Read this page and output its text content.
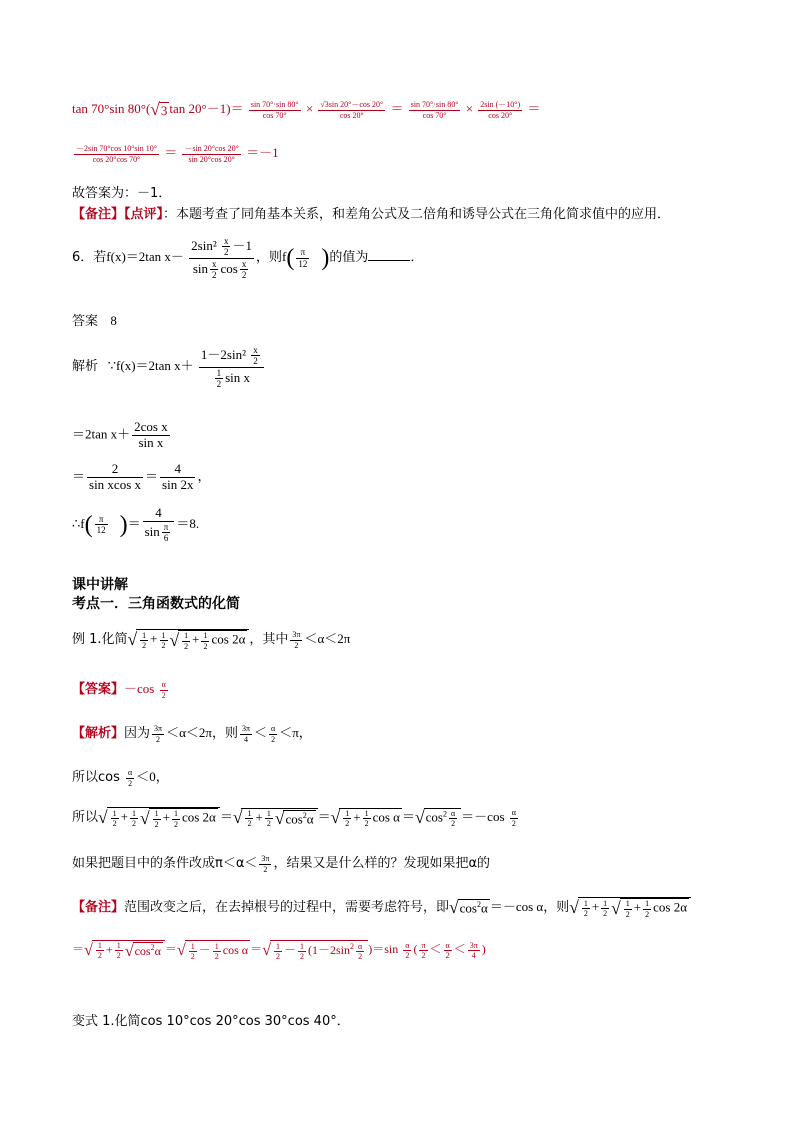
tan 70°sin 80°(√3 $\tan 20^\circ-1)= \frac{\sin 70^\circ\cdot\sin 80^\circ}{\cos 70^\circ} \times \frac{√3\sin 20^\circ-\cos 20^\circ}{\cos 20^\circ} = \frac{\sin 70^\circ\cdot\sin 80^\circ}{\cos 70^\circ} \times \frac{2\sin (-10^\circ)}{\cos 20^\circ}$ ＝
$\frac{-2\sin 70^\circ\cos 10^\circ\sin 10^\circ}{\cos 20^\circ\cos 70^\circ} = \frac{-\sin 20^\circ\cos 20^\circ}{\sin 20^\circ\cos 20^\circ} =-1$
故答案为：－1．
【备注】【点评】：本题考查了同角基本关系，和差角公式及二倍角和诱导公式在三角化简求值中的应用．
6．若f(x)＝2tan $x- \frac{2\sin^2 \frac{x}{2} -1}{\sin \frac{x}{2} \cos \frac{x}{2}}$ ，则$f( \frac{\pi}{12}$ )的值为	．
答案 8
解析 ∵f(x)＝2tan $x+ \frac{1-2\sin^2 \frac{x}{2}}{\frac{1}{2} \sin x}$
＝2tan $x+ \frac{\text{2cos x}}{\text{sin x}}$
＝ $\frac{2}{\text{sin xcos x}} = \frac{4}{\sin 2x}$ ，
∴f( $\frac{\pi}{12}$ )＝ $\frac{4}{\sin \frac{\pi}{6}} =8$.
课中讲解
考点一．三角函数式的化简
例 1.化简√ $\frac{1}{2} + \frac{1}{2}$ √ $\frac{1}{2} + \frac{1}{2}$ cos 2α ，其中 $\frac{3\pi}{2} <\alpha<2\pi$
【答案】$-\cos \frac{\alpha}{2}$
【解析】因为 $\frac{3\pi}{2} <\alpha<2\pi$，则 $\frac{3\pi}{4} < \frac{\alpha}{2} <\pi$，
所以$\cos \frac{\alpha}{2} <0$，
所以√ $\frac{1}{2} + \frac{1}{2}$ √ $\frac{1}{2} + \frac{1}{2}$ cos 2α ＝√ $\frac{1}{2} + \frac{1}{2} √\cos^2\alpha$ ＝√ $\frac{1}{2} + \frac{1}{2}$ $\cos \alpha =√\cos^2 \frac{\alpha}{2} =-\cos \frac{\alpha}{2}$
如果把题目中的条件改成$\pi<\alpha< \frac{3\pi}{2}$ ，结果又是什么样的？发现如果把α的
【备注】范围改变之后，在去掉根号的过程中，需要考虑符号，即$√\cos^2\alpha =-\cos$ α，则√ $\frac{1}{2} + \frac{1}{2}$ √ $\frac{1}{2} + \frac{1}{2}$ cos 2α
＝√ $\frac{1}{2} + \frac{1}{2} √\cos^2\alpha$ ＝√ $\frac{1}{2} - \frac{1}{2}$ cos α ＝√ $\frac{1}{2} - \frac{1}{2} (1-2\sin^2 \frac{\alpha}{2} )=\sin \frac{\alpha}{2}$ ( $\frac{\pi}{2} < \frac{\alpha}{2} < \frac{3\pi}{4}$ )
变式 1.化简cos 10°cos 20°cos 30°cos 40°．
